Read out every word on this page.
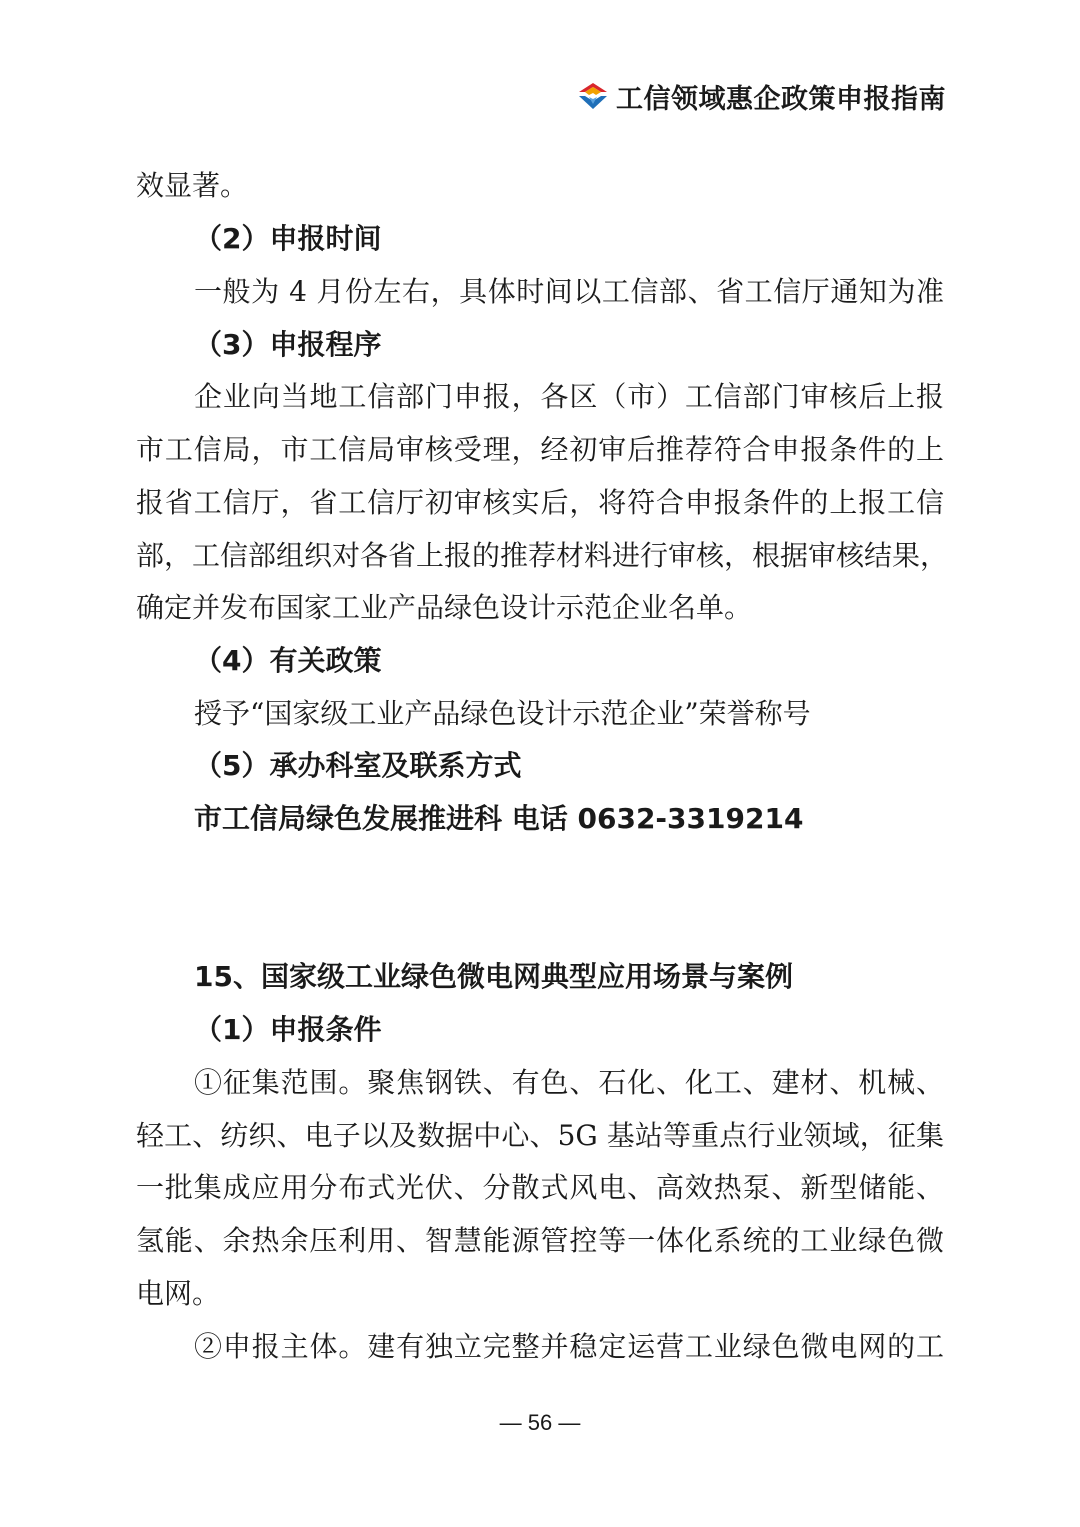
工信领域惠企政策申报指南
效显著。
（2）申报时间
一般为 4 月份左右，具体时间以工信部、省工信厅通知为准
（3）申报程序
企业向当地工信部门申报，各区（市）工信部门审核后上报
市工信局，市工信局审核受理，经初审后推荐符合申报条件的上
报省工信厅，省工信厅初审核实后，将符合申报条件的上报工信
部，工信部组织对各省上报的推荐材料进行审核，根据审核结果，
确定并发布国家工业产品绿色设计示范企业名单。
（4）有关政策
授予“国家级工业产品绿色设计示范企业”荣誉称号
（5）承办科室及联系方式
市工信局绿色发展推进科 电话 0632-3319214
15、国家级工业绿色微电网典型应用场景与案例
（1）申报条件
①征集范围。聚焦钢铁、有色、石化、化工、建材、机械、
轻工、纺织、电子以及数据中心、5G 基站等重点行业领域，征集
一批集成应用分布式光伏、分散式风电、高效热泵、新型储能、
氢能、余热余压利用、智慧能源管控等一体化系统的工业绿色微
电网。
②申报主体。建有独立完整并稳定运营工业绿色微电网的工
— 56 —
